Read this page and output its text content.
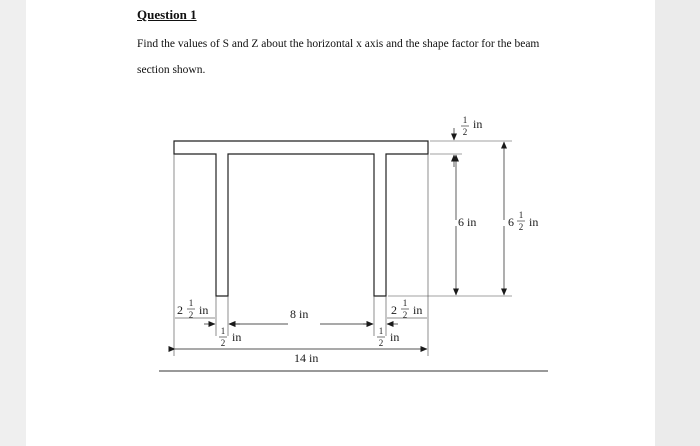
Question 1

Find the values of S and Z about the horizontal x axis and the shape factor for the beam
section shown.

1
2
in
6 in	6 1
2 in
2 1
2 in
1
2 in
8 in	2 1
2 in
1
2 in
14 in
